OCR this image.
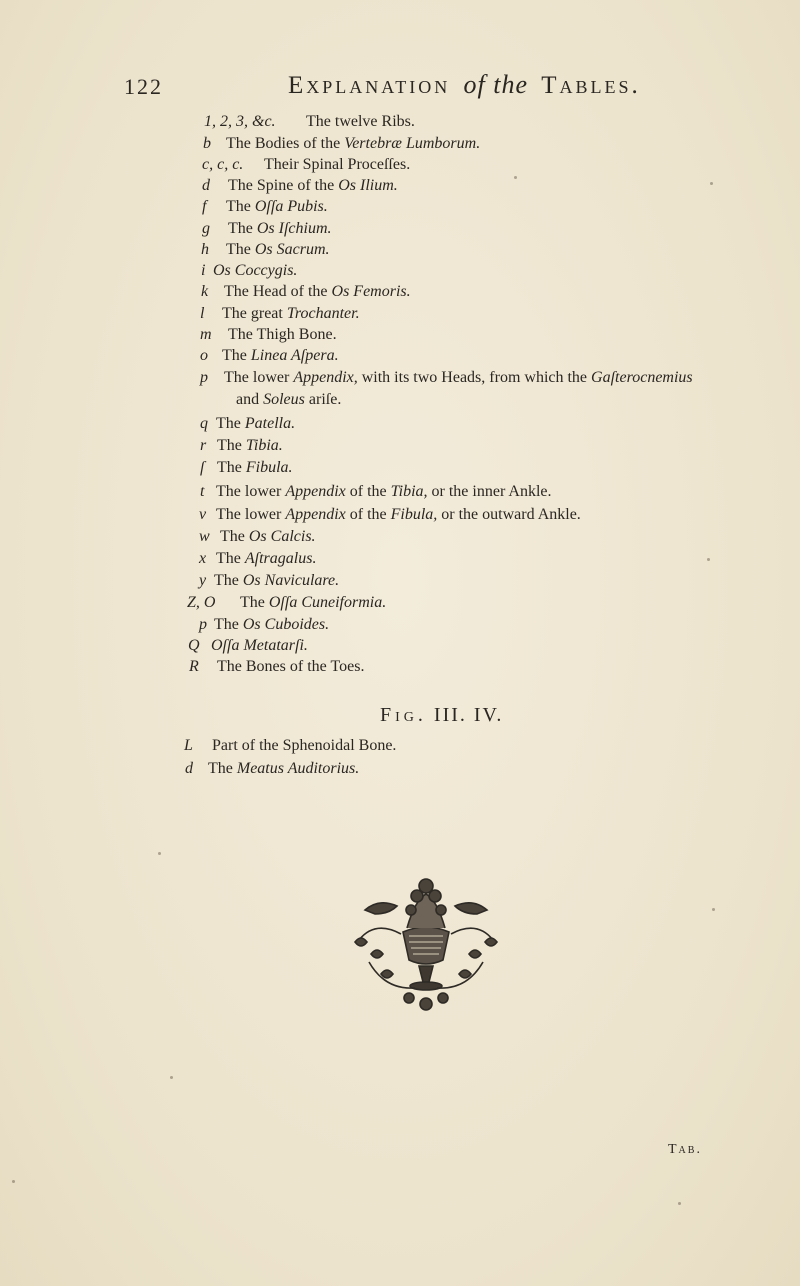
122	Explanation of the Tables.
1, 2, 3, &c. The twelve Ribs.
b The Bodies of the Vertebræ Lumborum.
c, c, c. Their Spinal Proceſſes.
d The Spine of the Os Ilium.
f The Oſſa Pubis.
g The Os Iſchium.
h The Os Sacrum.
i Os Coccygis.
k The Head of the Os Femoris.
l The great Trochanter.
m The Thigh Bone.
o The Linea Aſpera.
p The lower Appendix, with its two Heads, from which the Gaſterocnemius
and Soleus ariſe.
q The Patella.
r The Tibia.
ſ The Fibula.
t The lower Appendix of the Tibia, or the inner Ankle.
v The lower Appendix of the Fibula, or the outward Ankle.
w The Os Calcis.
x The Aſtragalus.
y The Os Naviculare.
Z, O The Oſſa Cuneiformia.
p The Os Cuboides.
Q Oſſa Metatarſi.
R The Bones of the Toes.
Fig. III. IV.
L Part of the Sphenoidal Bone.
d The Meatus Auditorius.
Tab.
